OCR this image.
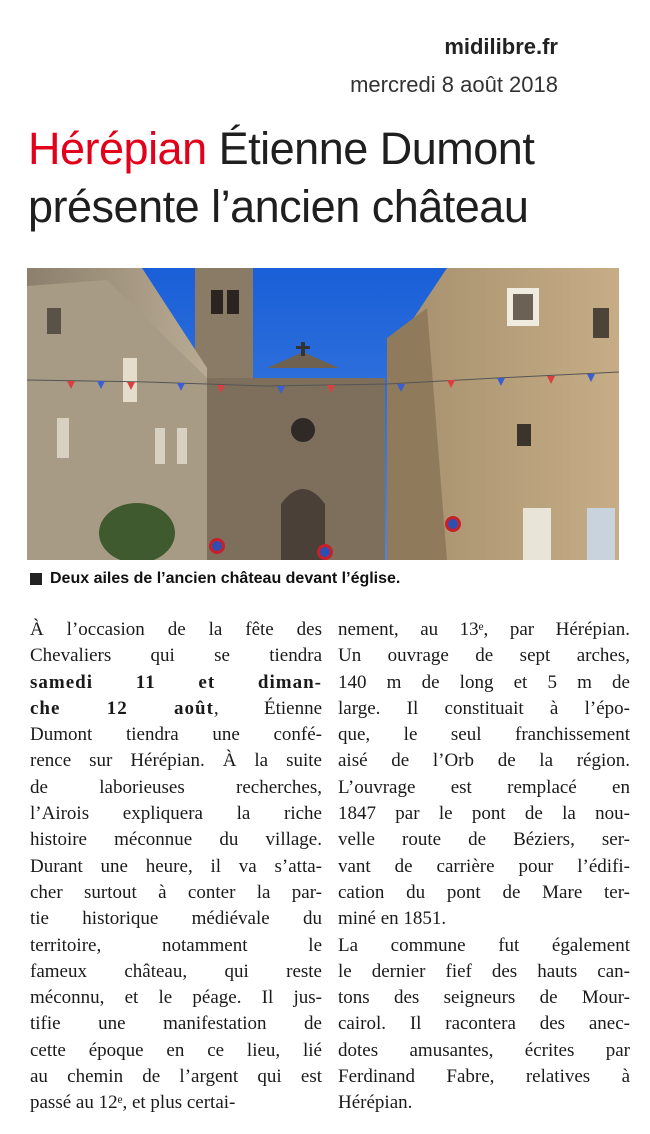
midilibre.fr
mercredi 8 août 2018
Hérépian Étienne Dumont
présente l’ancien château
Deux ailes de l’ancien château devant l’église.
À l’occasion de la fête des
Chevaliers qui se tiendra
samedi 11 et diman-
che 12 août, Étienne
Dumont tiendra une confé-
rence sur Hérépian. À la suite
de laborieuses recherches,
l’Airois expliquera la riche
histoire méconnue du village.
Durant une heure, il va s’atta-
cher surtout à conter la par-
tie historique médiévale du
territoire, notamment le
fameux château, qui reste
méconnu, et le péage. Il jus-
tifie une manifestation de
cette époque en ce lieu, lié
au chemin de l’argent qui est
passé au 12ᵉ, et plus certai-
nement, au 13ᵉ, par Hérépian.
Un ouvrage de sept arches,
140 m de long et 5 m de
large. Il constituait à l’épo-
que, le seul franchissement
aisé de l’Orb de la région.
L’ouvrage est remplacé en
1847 par le pont de la nou-
velle route de Béziers, ser-
vant de carrière pour l’édifi-
cation du pont de Mare ter-
miné en 1851.
La commune fut également
le dernier fief des hauts can-
tons des seigneurs de Mour-
cairol. Il racontera des anec-
dotes amusantes, écrites par
Ferdinand Fabre, relatives à
Hérépian.
